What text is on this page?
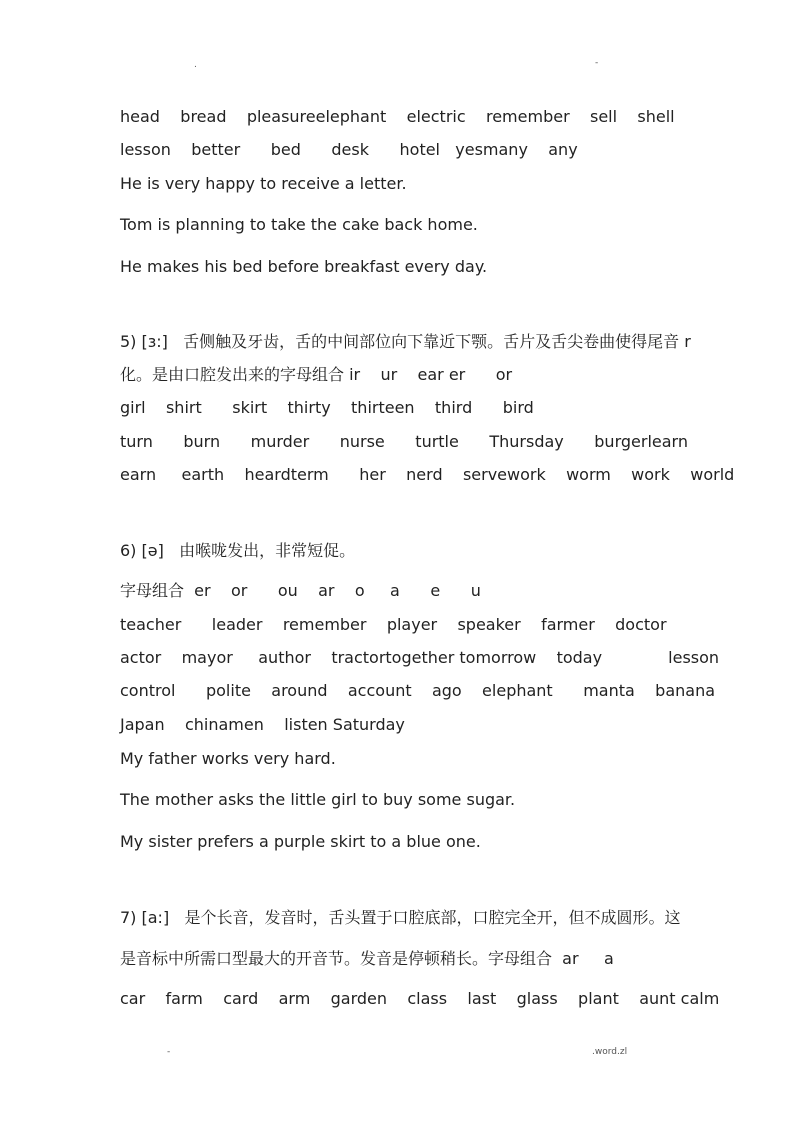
.	-
head    bread    pleasureelephant    electric    remember    sell    shell
lesson    better      bed      desk      hotel   yesmany    any
He is very happy to receive a letter.
Tom is planning to take the cake back home.
He makes his bed before breakfast every day.
5) [ɜ:]   舌侧触及牙齿，舌的中间部位向下靠近下颚。舌片及舌尖卷曲使得尾音 r
化。是由口腔发出来的字母组合 ir    ur    ear er      or
girl    shirt      skirt    thirty    thirteen    third      bird
turn      burn      murder      nurse      turtle      Thursday      burgerlearn
earn     earth    heardterm      her    nerd    servework    worm    work    world
6) [ə]   由喉咙发出，非常短促。
字母组合  er    or      ou    ar    o     a      e      u
teacher      leader    remember    player    speaker    farmer    doctor
actor    mayor     author    tractortogether tomorrow    today             lesson
control      polite    around    account    ago    elephant      manta    banana
Japan    chinamen    listen Saturday
My father works very hard.
The mother asks the little girl to buy some sugar.
My sister prefers a purple skirt to a blue one.
7) [a:]   是个长音，发音时，舌头置于口腔底部，口腔完全开，但不成圆形。这
是音标中所需口型最大的开音节。发音是停顿稍长。字母组合  ar     a
car    farm    card    arm    garden    class    last    glass    plant    aunt calm
-	.word.zl
